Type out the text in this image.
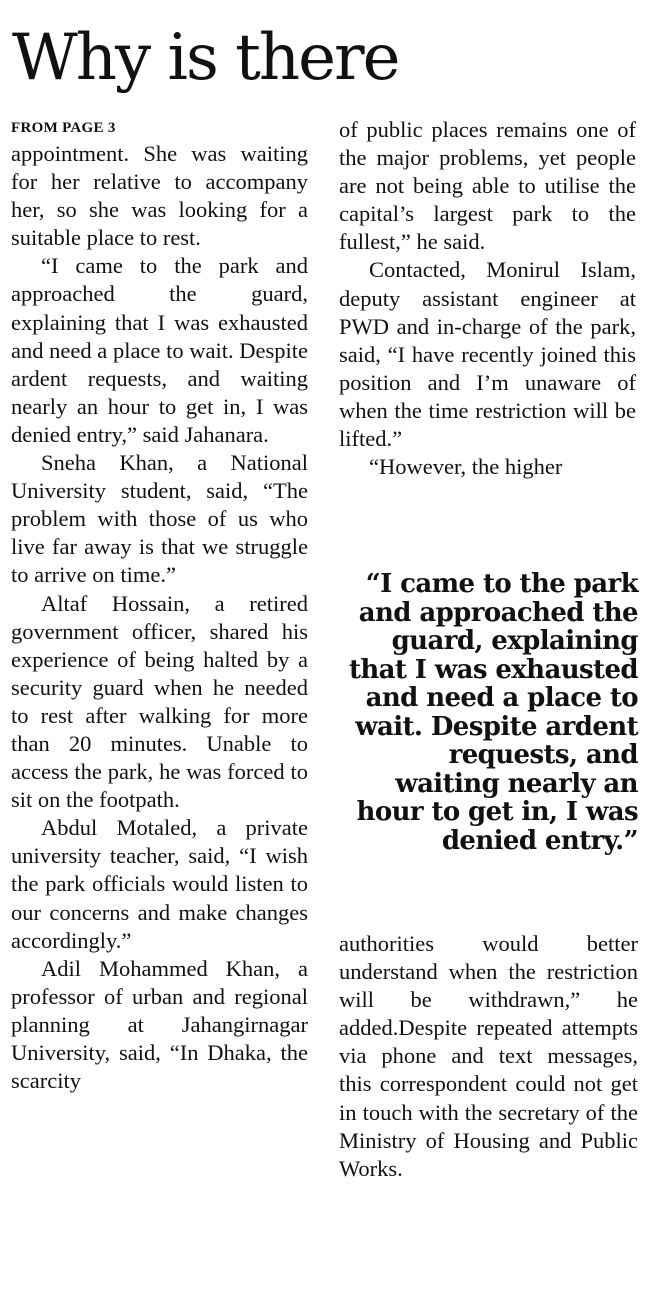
Why is there
FROM PAGE 3

appointment. She was waiting for her relative to accompany her, so she was looking for a suitable place to rest.

“I came to the park and approached the guard, explaining that I was exhausted and need a place to wait. Despite ardent requests, and waiting nearly an hour to get in, I was denied entry,” said Jahanara.

Sneha Khan, a National University student, said, “The problem with those of us who live far away is that we struggle to arrive on time.”

Altaf Hossain, a retired government officer, shared his experience of being halted by a security guard when he needed to rest after walking for more than 20 minutes. Unable to access the park, he was forced to sit on the footpath.

Abdul Motaled, a private university teacher, said, “I wish the park officials would listen to our concerns and make changes accordingly.”

Adil Mohammed Khan, a professor of urban and regional planning at Jahangirnagar University, said, “In Dhaka, the scarcity

of public places remains one of the major problems, yet people are not being able to utilise the capital’s largest park to the fullest,” he said.

Contacted, Monirul Islam, deputy assistant engineer at PWD and in-charge of the park, said, “I have recently joined this position and I’m unaware of when the time restriction will be lifted.”

“However, the higher

“I came to the park and approached the guard, explaining that I was exhausted and need a place to wait. Despite ardent requests, and waiting nearly an hour to get in, I was denied entry.”

authorities would better understand when the restriction will be withdrawn,” he added.Despite repeated attempts via phone and text messages, this correspondent could not get in touch with the secretary of the Ministry of Housing and Public Works.
